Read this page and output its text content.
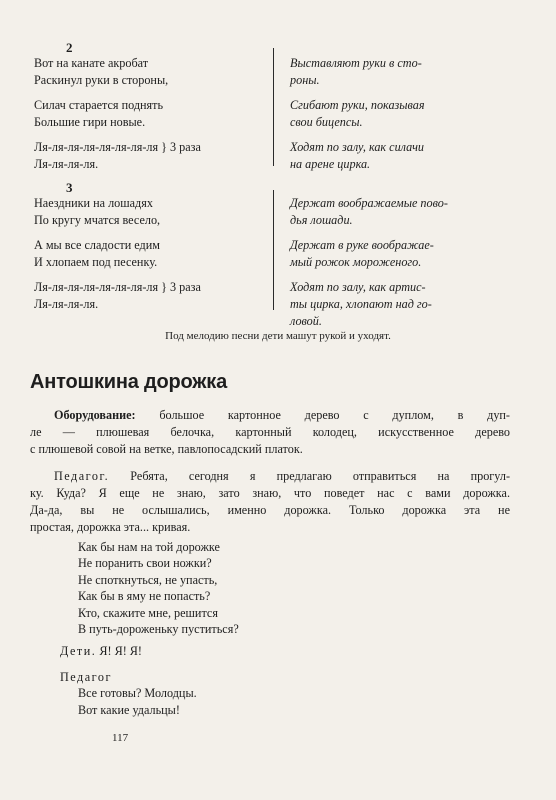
2
Вот на канате акробат
Раскинул руки в стороны,
Силач старается поднять
Большие гири новые.
Ля-ля-ля-ля-ля-ля-ля-ля } 3 раза
Ля-ля-ля-ля.
Выставляют руки в сто-
роны.
Сгибают руки, показывая
свои бицепсы.
Ходят по залу, как силачи
на арене цирка.
3
Наездники на лошадях
По кругу мчатся весело,
А мы все сладости едим
И хлопаем под песенку.
Ля-ля-ля-ля-ля-ля-ля-ля } 3 раза
Ля-ля-ля-ля.
Держат воображаемые пово-
дья лошади.
Держат в руке воображае-
мый рожок мороженого.
Ходят по залу, как артис-
ты цирка, хлопают над го-
ловой.
Под мелодию песни дети машут рукой и уходят.
Антошкина дорожка
Оборудование: большое картонное дерево с дуплом, в дуп-
ле — плюшевая белочка, картонный колодец, искусственное дерево
с плюшевой совой на ветке, павлопосадский платок.
Педагог. Ребята, сегодня я предлагаю отправиться на прогул-
ку. Куда? Я еще не знаю, зато знаю, что поведет нас с вами дорожка.
Да-да, вы не ослышались, именно дорожка. Только дорожка эта не
простая, дорожка эта... кривая.
Как бы нам на той дорожке
Не поранить свои ножки?
Не споткнуться, не упасть,
Как бы в яму не попасть?
Кто, скажите мне, решится
В путь-дороженьку пуститься?
Дети. Я! Я! Я!
Педагог
Все готовы? Молодцы.
Вот какие удальцы!
117
